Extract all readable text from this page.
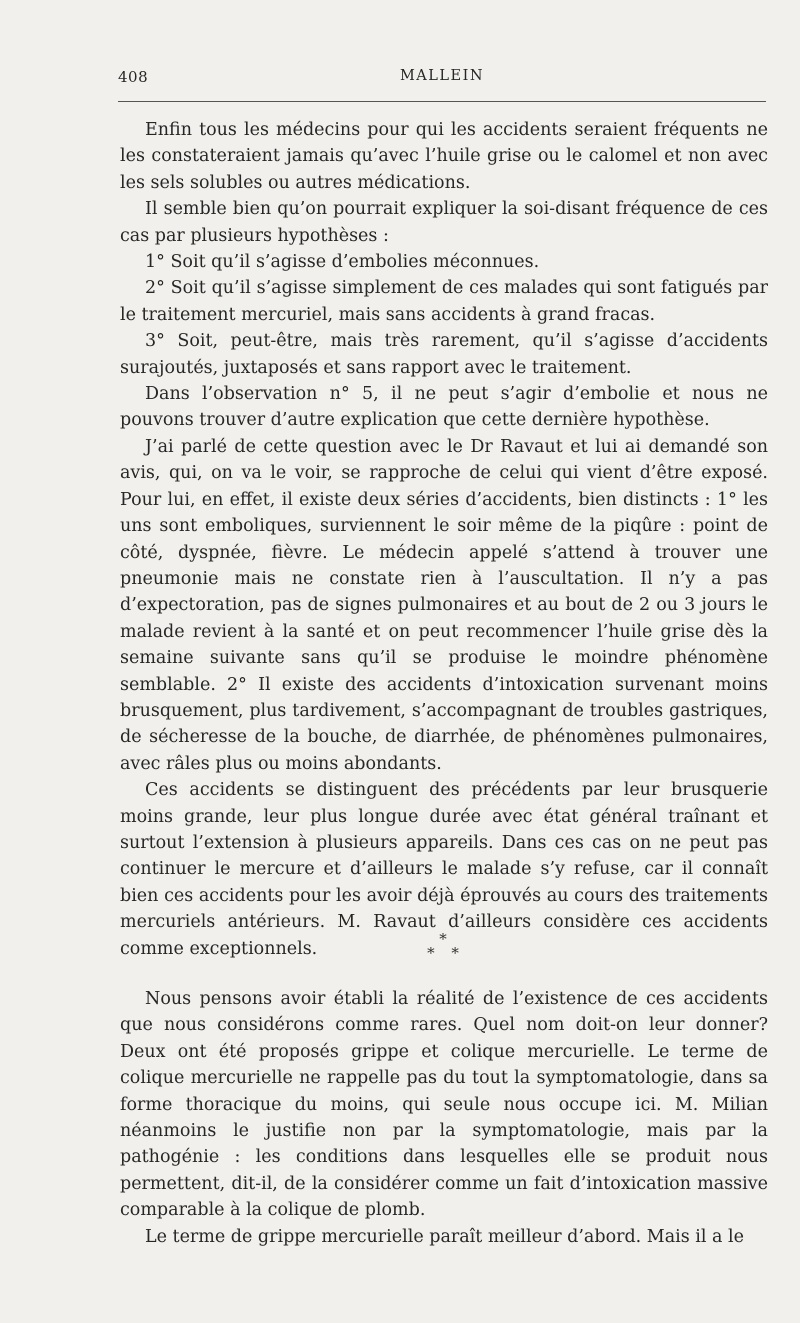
408	MALLEIN

Enfin tous les médecins pour qui les accidents seraient fréquents ne les constateraient jamais qu’avec l’huile grise ou le calomel et non avec les sels solubles ou autres médications.

Il semble bien qu’on pourrait expliquer la soi-disant fréquence de ces cas par plusieurs hypothèses :

1° Soit qu’il s’agisse d’embolies méconnues.

2° Soit qu’il s’agisse simplement de ces malades qui sont fatigués par le traitement mercuriel, mais sans accidents à grand fracas.

3° Soit, peut-être, mais très rarement, qu’il s’agisse d’accidents surajoutés, juxtaposés et sans rapport avec le traitement.

Dans l’observation n° 5, il ne peut s’agir d’embolie et nous ne pouvons trouver d’autre explication que cette dernière hypothèse.

J’ai parlé de cette question avec le Dr Ravaut et lui ai demandé son avis, qui, on va le voir, se rapproche de celui qui vient d’être exposé. Pour lui, en effet, il existe deux séries d’accidents, bien distincts : 1° les uns sont emboliques, surviennent le soir même de la piqûre : point de côté, dyspnée, fièvre. Le médecin appelé s’attend à trouver une pneumonie mais ne constate rien à l’auscultation. Il n’y a pas d’expectoration, pas de signes pulmonaires et au bout de 2 ou 3 jours le malade revient à la santé et on peut recommencer l’huile grise dès la semaine suivante sans qu’il se produise le moindre phénomène semblable. 2° Il existe des accidents d’intoxication survenant moins brusquement, plus tardivement, s’accompagnant de troubles gastriques, de sécheresse de la bouche, de diarrhée, de phénomènes pulmonaires, avec râles plus ou moins abondants.

Ces accidents se distinguent des précédents par leur brusquerie moins grande, leur plus longue durée avec état général traînant et surtout l’extension à plusieurs appareils. Dans ces cas on ne peut pas continuer le mercure et d’ailleurs le malade s’y refuse, car il connaît bien ces accidents pour les avoir déjà éprouvés au cours des traitements mercuriels antérieurs. M. Ravaut d’ailleurs considère ces accidents comme exceptionnels.	*
* *

Nous pensons avoir établi la réalité de l’existence de ces accidents que nous considérons comme rares. Quel nom doit-on leur donner? Deux ont été proposés grippe et colique mercurielle. Le terme de colique mercurielle ne rappelle pas du tout la symptomatologie, dans sa forme thoracique du moins, qui seule nous occupe ici. M. Milian néanmoins le justifie non par la symptomatologie, mais par la pathogénie : les conditions dans lesquelles elle se produit nous permettent, dit-il, de la considérer comme un fait d’intoxication massive comparable à la colique de plomb.

Le terme de grippe mercurielle paraît meilleur d’abord. Mais il a le
